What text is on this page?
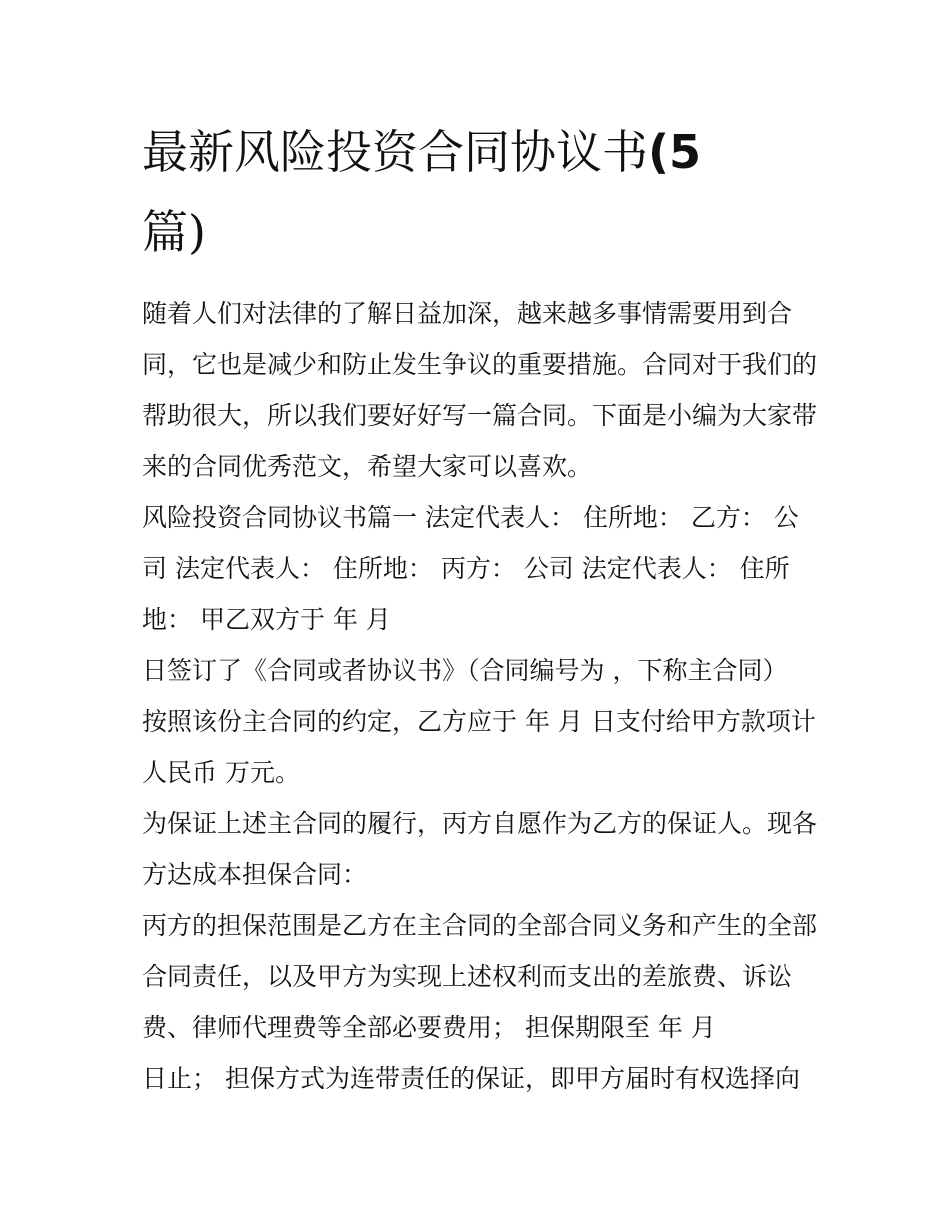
最新风险投资合同协议书(5
篇)

随着人们对法律的了解日益加深，越来越多事情需要用到合
同，它也是减少和防止发生争议的重要措施。合同对于我们的
帮助很大，所以我们要好好写一篇合同。下面是小编为大家带
来的合同优秀范文，希望大家可以喜欢。

风险投资合同协议书篇一 法定代表人： 住所地： 乙方： 公
司 法定代表人： 住所地： 丙方： 公司 法定代表人： 住所
地： 甲乙双方于 年 月

日签订了《合同或者协议书》（合同编号为 ，下称主合同）
按照该份主合同的约定，乙方应于 年 月 日支付给甲方款项计
人民币 万元。

为保证上述主合同的履行，丙方自愿作为乙方的保证人。现各
方达成本担保合同：

丙方的担保范围是乙方在主合同的全部合同义务和产生的全部
合同责任，以及甲方为实现上述权利而支出的差旅费、诉讼
费、律师代理费等全部必要费用； 担保期限至 年 月

日止； 担保方式为连带责任的保证，即甲方届时有权选择向
